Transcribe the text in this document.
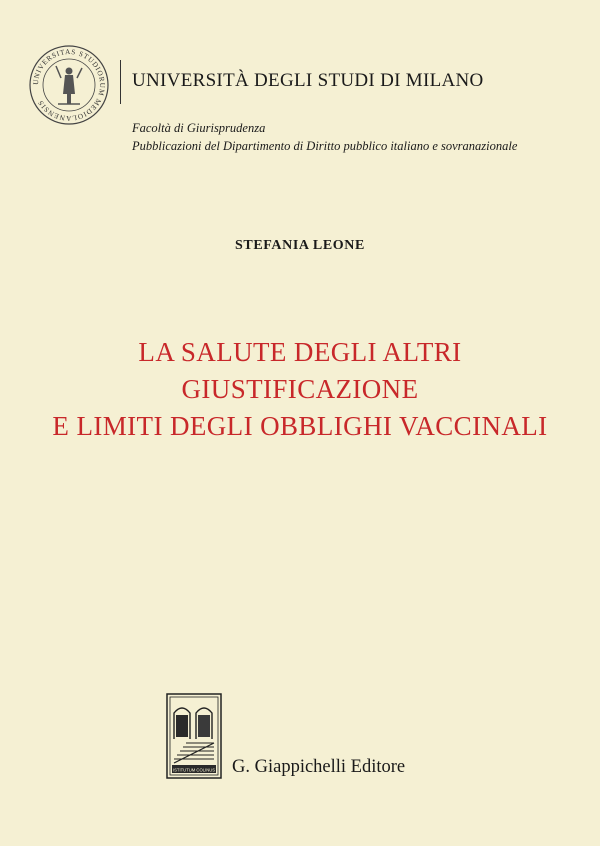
UNIVERSITAS STUDIORUM MEDIOLANENSIS
UNIVERSITÀ DEGLI STUDI DI MILANO
Facoltà di Giurisprudenza
Pubblicazioni del Dipartimento di Diritto pubblico italiano e sovranazionale
STEFANIA LEONE
LA SALUTE DEGLI ALTRI
GIUSTIFICAZIONE
E LIMITI DEGLI OBBLIGHI VACCINALI
ISTITUTUM COLINUS G. Giappichelli Editore
